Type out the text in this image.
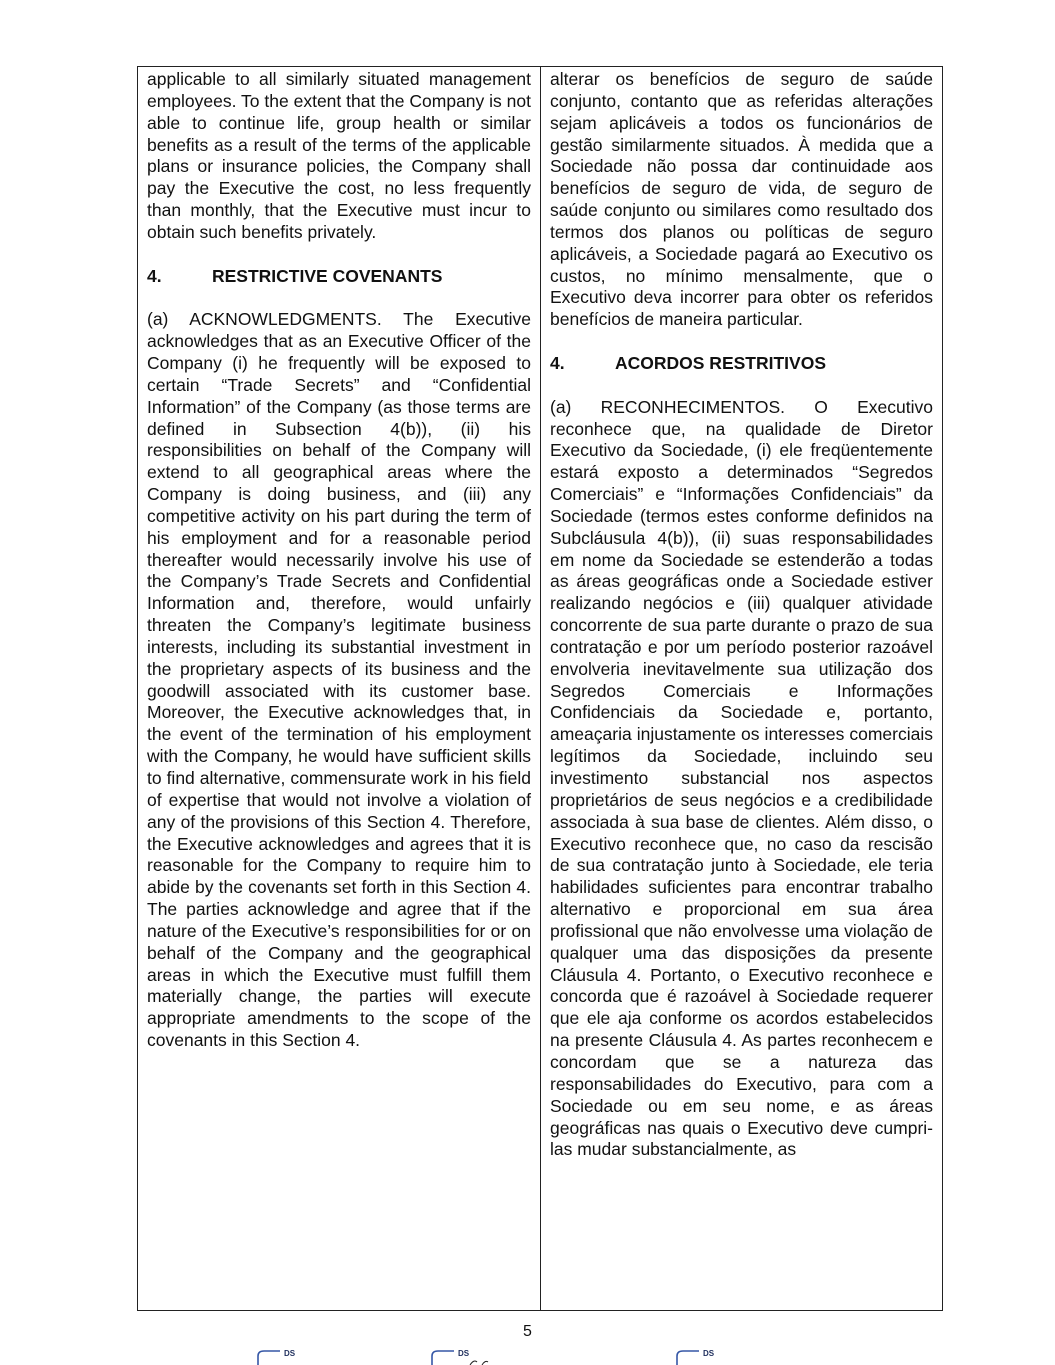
applicable to all similarly situated management employees. To the extent that the Company is not able to continue life, group health or similar benefits as a result of the terms of the applicable plans or insurance policies, the Company shall pay the Executive the cost, no less frequently than monthly, that the Executive must incur to obtain such benefits privately.

4.	RESTRICTIVE COVENANTS

(a) ACKNOWLEDGMENTS. The Executive acknowledges that as an Executive Officer of the Company (i) he frequently will be exposed to certain “Trade Secrets” and “Confidential Information” of the Company (as those terms are defined in Subsection 4(b)), (ii) his responsibilities on behalf of the Company will extend to all geographical areas where the Company is doing business, and (iii) any competitive activity on his part during the term of his employment and for a reasonable period thereafter would necessarily involve his use of the Company’s Trade Secrets and Confidential Information and, therefore, would unfairly threaten the Company’s legitimate business interests, including its substantial investment in the proprietary aspects of its business and the goodwill associated with its customer base. Moreover, the Executive acknowledges that, in the event of the termination of his employment with the Company, he would have sufficient skills to find alternative, commensurate work in his field of expertise that would not involve a violation of any of the provisions of this Section 4. Therefore, the Executive acknowledges and agrees that it is reasonable for the Company to require him to abide by the covenants set forth in this Section 4. The parties acknowledge and agree that if the nature of the Executive’s responsibilities for or on behalf of the Company and the geographical areas in which the Executive must fulfill them materially change, the parties will execute appropriate amendments to the scope of the covenants in this Section 4.

alterar os benefícios de seguro de saúde conjunto, contanto que as referidas alterações sejam aplicáveis a todos os funcionários de gestão similarmente situados. À medida que a Sociedade não possa dar continuidade aos benefícios de seguro de vida, de seguro de saúde conjunto ou similares como resultado dos termos dos planos ou políticas de seguro aplicáveis, a Sociedade pagará ao Executivo os custos, no mínimo mensalmente, que o Executivo deva incorrer para obter os referidos benefícios de maneira particular.

4.	ACORDOS RESTRITIVOS

(a) RECONHECIMENTOS. O Executivo reconhece que, na qualidade de Diretor Executivo da Sociedade, (i) ele freqüentemente estará exposto a determinados “Segredos Comerciais” e “Informações Confidenciais” da Sociedade (termos estes conforme definidos na Subcláusula 4(b)), (ii) suas responsabilidades em nome da Sociedade se estenderão a todas as áreas geográficas onde a Sociedade estiver realizando negócios e (iii) qualquer atividade concorrente de sua parte durante o prazo de sua contratação e por um período posterior razoável envolveria inevitavelmente sua utilização dos Segredos Comerciais e Informações Confidenciais da Sociedade e, portanto, ameaçaria injustamente os interesses comerciais legítimos da Sociedade, incluindo seu investimento substancial nos aspectos proprietários de seus negócios e a credibilidade associada à sua base de clientes. Além disso, o Executivo reconhece que, no caso da rescisão de sua contratação junto à Sociedade, ele teria habilidades suficientes para encontrar trabalho alternativo e proporcional em sua área profissional que não envolvesse uma violação de qualquer uma das disposições da presente Cláusula 4. Portanto, o Executivo reconhece e concorda que é razoável à Sociedade requerer que ele aja conforme os acordos estabelecidos na presente Cláusula 4. As partes reconhecem e concordam que se a natureza das responsabilidades do Executivo, para com a Sociedade ou em seu nome, e as áreas geográficas nas quais o Executivo deve cumpri-las mudar substancialmente, as

5
DS	DS	DS
